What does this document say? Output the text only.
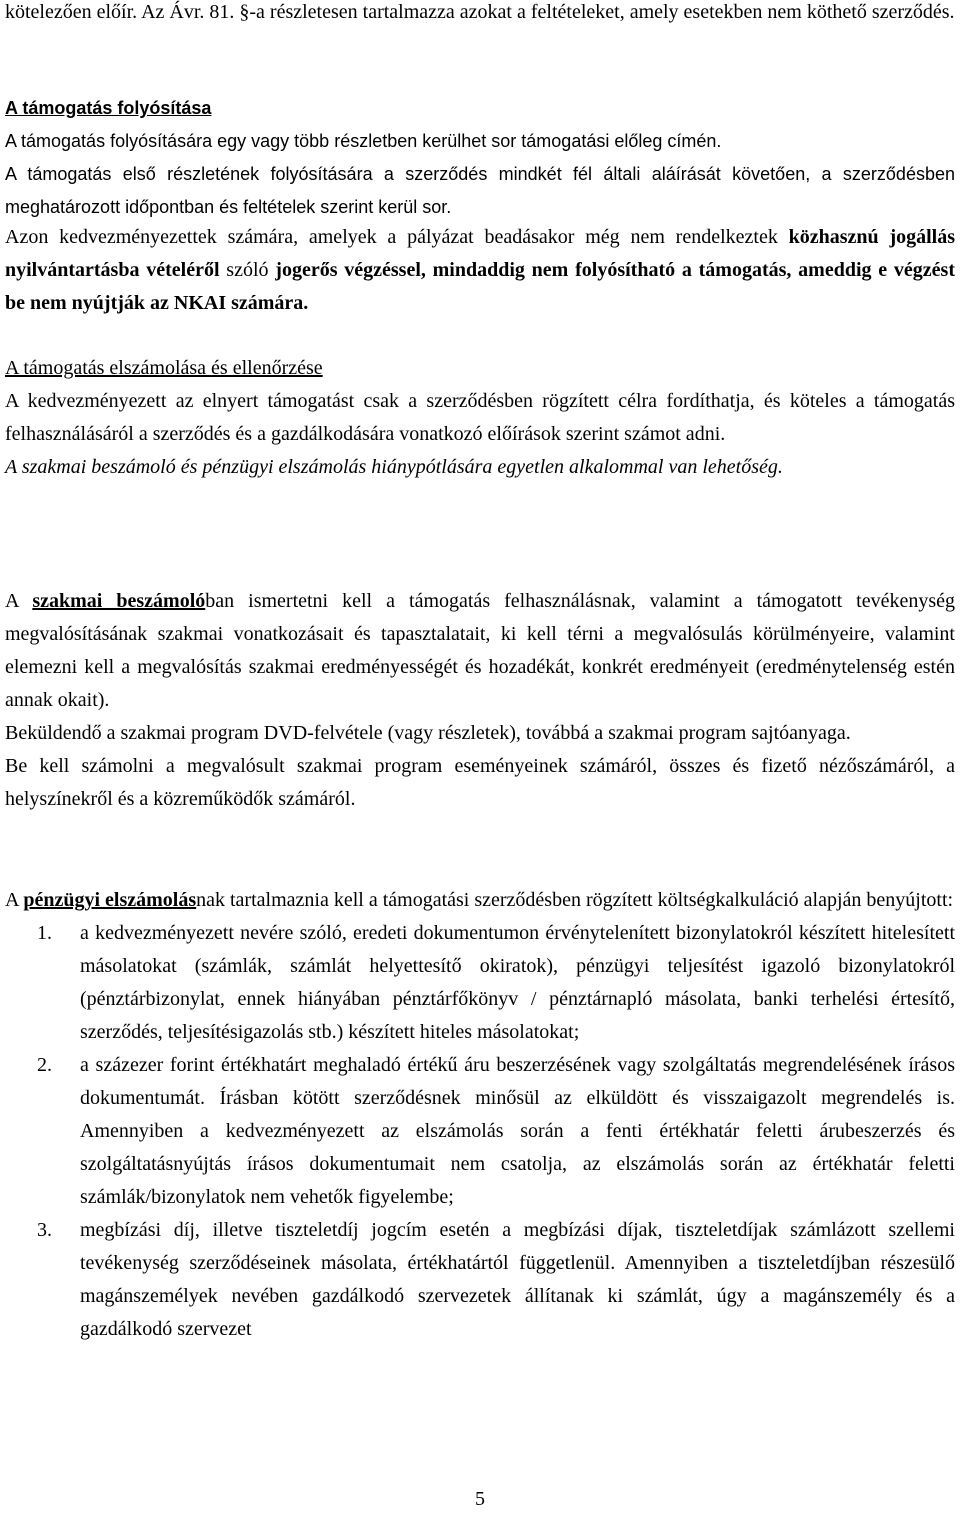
kötelezően előír. Az Ávr. 81. §-a részletesen tartalmazza azokat a feltételeket, amely esetekben nem köthető szerződés.

A támogatás folyósítása

A támogatás folyósítására egy vagy több részletben kerülhet sor támogatási előleg címén.

A támogatás első részletének folyósítására a szerződés mindkét fél általi aláírását követően, a szerződésben meghatározott időpontban és feltételek szerint kerül sor.

Azon kedvezményezettek számára, amelyek a pályázat beadásakor még nem rendelkeztek közhasznú jogállás nyilvántartásba vételéről szóló jogerős végzéssel, mindaddig nem folyósítható a támogatás, ameddig e végzést be nem nyújtják az NKAI számára.

A támogatás elszámolása és ellenőrzése

A kedvezményezett az elnyert támogatást csak a szerződésben rögzített célra fordíthatja, és köteles a támogatás felhasználásáról a szerződés és a gazdálkodására vonatkozó előírások szerint számot adni.

A szakmai beszámoló és pénzügyi elszámolás hiánypótlására egyetlen alkalommal van lehetőség.

A szakmai beszámolóban ismertetni kell a támogatás felhasználásnak, valamint a támogatott tevékenység megvalósításának szakmai vonatkozásait és tapasztalatait, ki kell térni a megvalósulás körülményeire, valamint elemezni kell a megvalósítás szakmai eredményességét és hozadékát, konkrét eredményeit (eredménytelenség estén annak okait).

Beküldendő a szakmai program DVD-felvétele (vagy részletek), továbbá a szakmai program sajtóanyaga.

Be kell számolni a megvalósult szakmai program eseményeinek számáról, összes és fizető nézőszámáról, a helyszínekről és a közreműködők számáról.

A pénzügyi elszámolásnak tartalmaznia kell a támogatási szerződésben rögzített költségkalkuláció alapján benyújtott:

1. a kedvezményezett nevére szóló, eredeti dokumentumon érvénytelenített bizonylatokról készített hitelesített másolatokat (számlák, számlát helyettesítő okiratok), pénzügyi teljesítést igazoló bizonylatokról (pénztárbizonylat, ennek hiányában pénztárfőkönyv / pénztárnapló másolata, banki terhelési értesítő, szerződés, teljesítésigazolás stb.) készített hiteles másolatokat;
2. a százezer forint értékhatárt meghaladó értékű áru beszerzésének vagy szolgáltatás megrendelésének írásos dokumentumát. Írásban kötött szerződésnek minősül az elküldött és visszaigazolt megrendelés is. Amennyiben a kedvezményezett az elszámolás során a fenti értékhatár feletti árubeszerzés és szolgáltatásnyújtás írásos dokumentumait nem csatolja, az elszámolás során az értékhatár feletti számlák/bizonylatok nem vehetők figyelembe;
3. megbízási díj, illetve tiszteletdíj jogcím esetén a megbízási díjak, tiszteletdíjak számlázott szellemi tevékenység szerződéseinek másolata, értékhatártól függetlenül. Amennyiben a tiszteletdíjban részesülő magánszemélyek nevében gazdálkodó szervezetek állítanak ki számlát, úgy a magánszemély és a gazdálkodó szervezet
5
